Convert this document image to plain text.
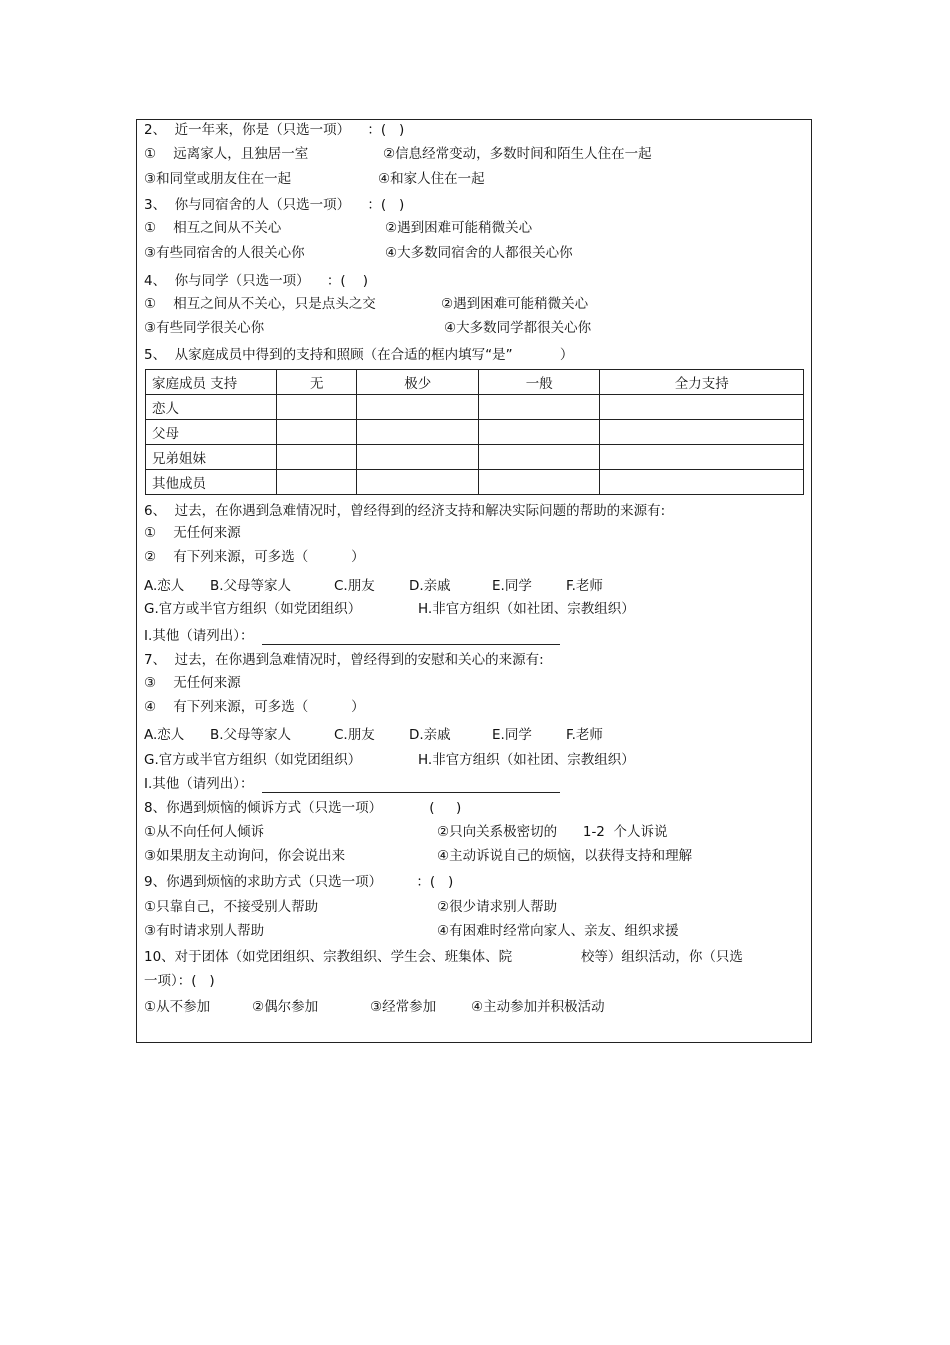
2、  近一年来，你是（只选一项）    ：(   )
①    远离家人，且独居一室	②信息经常变动，多数时间和陌生人住在一起
③和同堂或朋友住在一起	④和家人住在一起
3、  你与同宿舍的人（只选一项）    ：(   )
①    相互之间从不关心	②遇到困难可能稍微关心
③有些同宿舍的人很关心你	④大多数同宿舍的人都很关心你
4、  你与同学（只选一项）    ：(    )
①    相互之间从不关心，只是点头之交	②遇到困难可能稍微关心
③有些同学很关心你	④大多数同学都很关心你
5、  从家庭成员中得到的支持和照顾（在合适的框内填写“是”           ）
家庭成员 支持	无	极少	一般	全力支持
恋人				
父母				
兄弟姐妹				
其他成员				
6、  过去，在你遇到急难情况时，曾经得到的经济支持和解决实际问题的帮助的来源有:
①    无任何来源
②    有下列来源，可多选（          ）
A.恋人 B.父母等家人	C.朋友	D.亲戚	E.同学	F.老师
G.官方或半官方组织（如党团组织）	H.非官方组织（如社团、宗教组织）
I.其他（请列出）：
7、  过去，在你遇到急难情况时，曾经得到的安慰和关心的来源有:
③    无任何来源
④    有下列来源，可多选（          ）
A.恋人 B.父母等家人	C.朋友	D.亲戚	E.同学	F.老师
G.官方或半官方组织（如党团组织）	H.非官方组织（如社团、宗教组织）
I.其他（请列出）：
8、你遇到烦恼的倾诉方式（只选一项）           (     )
①从不向任何人倾诉	②只向关系极密切的      1-2  个人诉说
③如果朋友主动询问，你会说出来	④主动诉说自己的烦恼，以获得支持和理解
9、你遇到烦恼的求助方式（只选一项）        ：(   )
①只靠自己，不接受别人帮助	②很少请求别人帮助
③有时请求别人帮助	④有困难时经常向家人、亲友、组织求援
10、对于团体（如党团组织、宗教组织、学生会、班集体、院                校等）组织活动，你（只选
一项）：(   )
①从不参加	②偶尔参加	③经常参加	④主动参加并积极活动
